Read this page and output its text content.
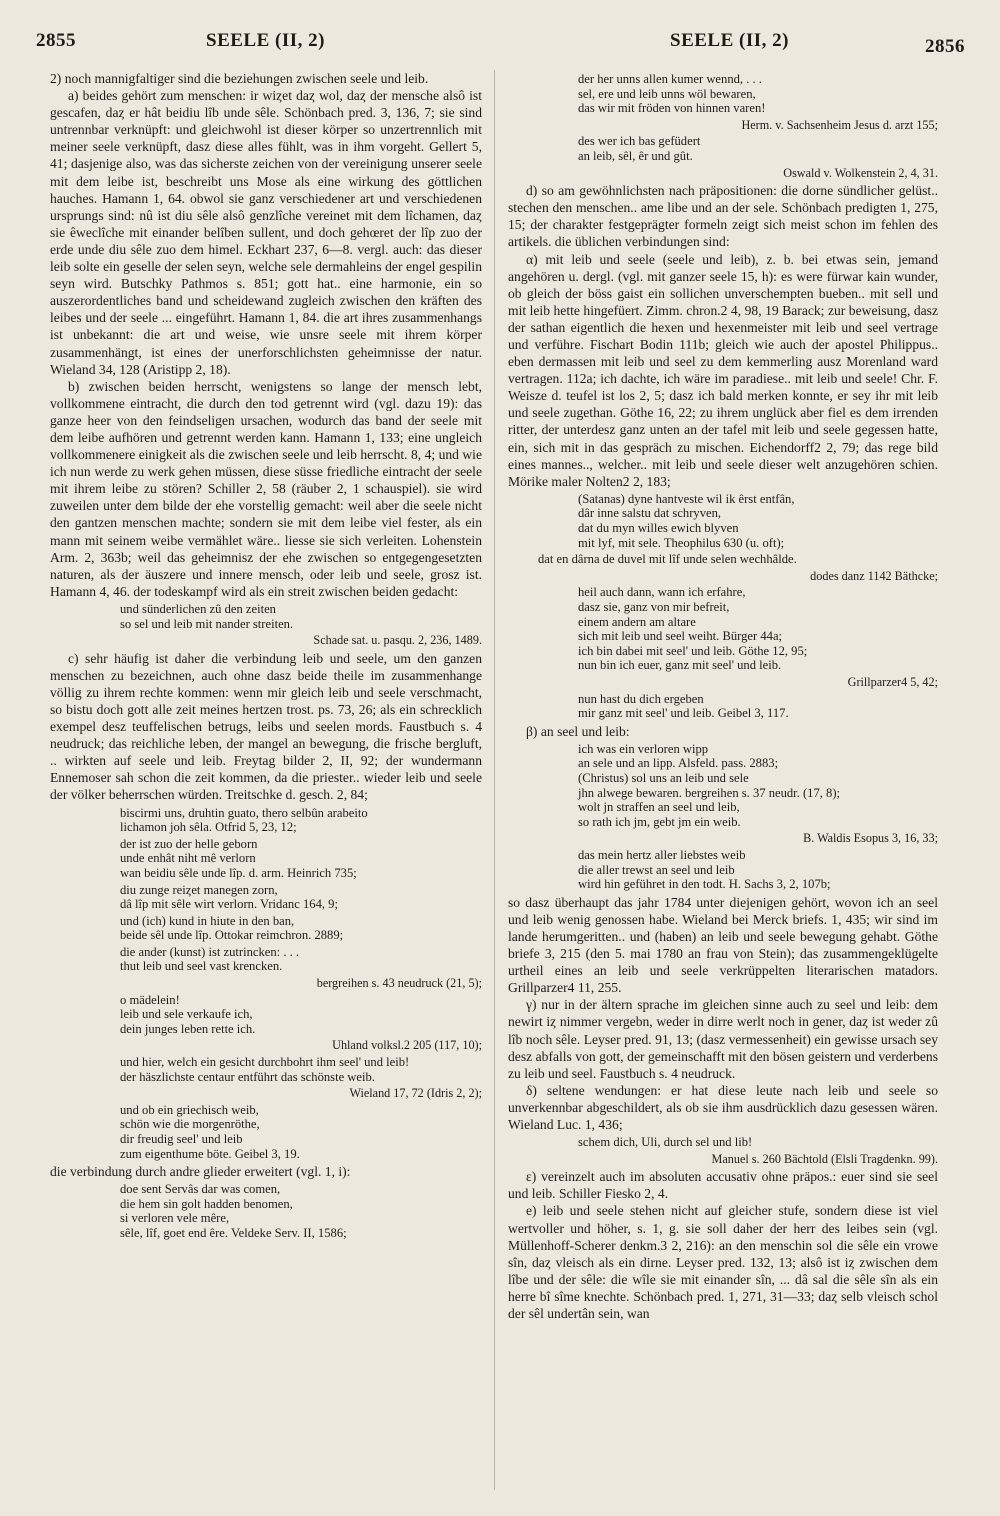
2855	SEELE (II, 2)	SEELE (II, 2)	2856

2) noch mannigfaltiger sind die beziehungen zwischen seele und leib.

a) beides gehört zum menschen: ir wiȥet daȥ wol, daȥ der mensche alsô ist gescafen, daȥ er hât beidiu lîb unde sêle. Schönbach pred. 3, 136, 7; sie sind untrennbar verknüpft: und gleichwohl ist dieser körper so unzertrennlich mit meiner seele verknüpft, dasz diese alles fühlt, was in ihm vorgeht. Gellert 5, 41; dasjenige also, was das sicherste zeichen von der vereinigung unserer seele mit dem leibe ist, beschreibt uns Mose als eine wirkung des göttlichen hauches. Hamann 1, 64. obwol sie ganz verschiedener art und verschiedenen ursprungs sind: nû ist diu sêle alsô genzlîche vereinet mit dem lîchamen, daȥ sie êweclîche mit einander belîben sullent, und doch gehœret der lîp zuo der erde unde diu sêle zuo dem himel. Eckhart 237, 6—8. vergl. auch: das dieser leib solte ein geselle der selen seyn, welche sele dermahleins der engel gespilin seyn wird. Butschky Pathmos s. 851; gott hat.. eine harmonie, ein so auszerordentliches band und scheidewand zugleich zwischen den kräften des leibes und der seele ... eingeführt. Hamann 1, 84. die art ihres zusammenhangs ist unbekannt: die art und weise, wie unsre seele mit ihrem körper zusammenhängt, ist eines der unerforschlichsten geheimnisse der natur. Wieland 34, 128 (Aristipp 2, 18).

b) zwischen beiden herrscht, wenigstens so lange der mensch lebt, vollkommene eintracht, die durch den tod getrennt wird (vgl. dazu 19): das ganze heer von den feindseligen ursachen, wodurch das band der seele mit dem leibe aufhören und getrennt werden kann. Hamann 1, 133; eine ungleich vollkommenere einigkeit als die zwischen seele und leib herrscht. 8, 4; und wie ich nun werde zu werk gehen müssen, diese süsse friedliche eintracht der seele mit ihrem leibe zu stören? Schiller 2, 58 (räuber 2, 1 schauspiel). sie wird zuweilen unter dem bilde der ehe vorstellig gemacht: weil aber die seele nicht den gantzen menschen machte; sondern sie mit dem leibe viel fester, als ein mann mit seinem weibe vermählet wäre.. liesse sie sich verleiten. Lohenstein Arm. 2, 363b; weil das geheimnisz der ehe zwischen so entgegengesetzten naturen, als der äuszere und innere mensch, oder leib und seele, grosz ist. Hamann 4, 46. der todeskampf wird als ein streit zwischen beiden gedacht:

und sünderlichen zû den zeiten
so sel und leib mit nander streiten.
Schade sat. u. pasqu. 2, 236, 1489.

c) sehr häufig ist daher die verbindung leib und seele, um den ganzen menschen zu bezeichnen, auch ohne dasz beide theile im zusammenhange völlig zu ihrem rechte kommen: wenn mir gleich leib und seele verschmacht, so bistu doch gott alle zeit meines hertzen trost. ps. 73, 26; als ein schrecklich exempel desz teuffelischen betrugs, leibs und seelen mords. Faustbuch s. 4 neudruck; das reichliche leben, der mangel an bewegung, die frische bergluft, .. wirkten auf seele und leib. Freytag bilder 2, II, 92; der wundermann Ennemoser sah schon die zeit kommen, da die priester.. wieder leib und seele der völker beherrschen würden. Treitschke d. gesch. 2, 84;

biscirmi uns, druhtin guato, thero selbûn arabeito
lichamon joh sêla. Otfrid 5, 23, 12;
der ist zuo der helle geborn
unde enhât niht mê verlorn
wan beidiu sêle unde lîp. d. arm. Heinrich 735;
diu zunge reiȥet manegen zorn,
dâ lîp mit sêle wirt verlorn. Vridanc 164, 9;
und (ich) kund in hiute in den ban,
beide sêl unde lîp. Ottokar reimchron. 2889;
die ander (kunst) ist zutrincken: . . .
thut leib und seel vast krencken.
bergreihen s. 43 neudruck (21, 5);
o mädelein!
leib und sele verkaufe ich,
dein junges leben rette ich.
Uhland volksl.2 205 (117, 10);
und hier, welch ein gesicht durchbohrt ihm seel' und leib!
der häszlichste centaur entführt das schönste weib.
Wieland 17, 72 (Idris 2, 2);
und ob ein griechisch weib,
schön wie die morgenröthe,
dir freudig seel' und leib
zum eigenthume böte. Geibel 3, 19.

die verbindung durch andre glieder erweitert (vgl. 1, i):

doe sent Servâs dar was comen,
die hem sin golt hadden benomen,
si verloren vele mêre,
sêle, lîf, goet end êre. Veldeke Serv. II, 1586;
der her unns allen kumer wennd, . . .
sel, ere und leib unns wöl bewaren,
das wir mit fröden von hinnen varen!
Herm. v. Sachsenheim Jesus d. arzt 155;
des wer ich bas gefüdert
an leib, sêl, êr und gût.
Oswald v. Wolkenstein 2, 4, 31.

d) so am gewöhnlichsten nach präpositionen: die dorne sündlicher gelüst.. stechen den menschen.. ame libe und an der sele. Schönbach predigten 1, 275, 15; der charakter festgeprägter formeln zeigt sich meist schon im fehlen des artikels. die üblichen verbindungen sind:

α) mit leib und seele (seele und leib), z. b. bei etwas sein, jemand angehören u. dergl. (vgl. mit ganzer seele 15, h): es were fürwar kain wunder, ob gleich der böss gaist ein sollichen unverschempten bueben.. mit sell und mit leib hette hingefüert. Zimm. chron.2 4, 98, 19 Barack; zur beweisung, dasz der sathan eigentlich die hexen und hexenmeister mit leib und seel vertrage und verführe. Fischart Bodin 111b; gleich wie auch der apostel Philippus.. eben dermassen mit leib und seel zu dem kemmerling ausz Morenland ward vertragen. 112a; ich dachte, ich wäre im paradiese.. mit leib und seele! Chr. F. Weisze d. teufel ist los 2, 5; dasz ich bald merken konnte, er sey ihr mit leib und seele zugethan. Göthe 16, 22; zu ihrem unglück aber fiel es dem irrenden ritter, der unterdesz ganz unten an der tafel mit leib und seele gegessen hatte, ein, sich mit in das gespräch zu mischen. Eichendorff2 2, 79; das rege bild eines mannes.., welcher.. mit leib und seele dieser welt anzugehören schien. Mörike maler Nolten2 2, 183;

(Satanas) dyne hantveste wil ik êrst entfân,
dâr inne salstu dat schryven,
dat du myn willes ewich blyven
mit lyf, mit sele. Theophilus 630 (u. oft);
dat en dârna de duvel mit lîf unde selen wechhâlde.
dodes danz 1142 Bäthcke;
heil auch dann, wann ich erfahre,
dasz sie, ganz von mir befreit,
einem andern am altare
sich mit leib und seel weiht. Bürger 44a;
ich bin dabei mit seel' und leib. Göthe 12, 95;
nun bin ich euer, ganz mit seel' und leib.
Grillparzer4 5, 42;
nun hast du dich ergeben
mir ganz mit seel' und leib. Geibel 3, 117.

β) an seel und leib:

ich was ein verloren wipp
an sele und an lipp. Alsfeld. pass. 2883;
(Christus) sol uns an leib und sele
jhn alwege bewaren. bergreihen s. 37 neudr. (17, 8);
wolt jn straffen an seel und leib,
so rath ich jm, gebt jm ein weib.
B. Waldis Esopus 3, 16, 33;
das mein hertz aller liebstes weib
die aller trewst an seel und leib
wird hin geführet in den todt. H. Sachs 3, 2, 107b;

so dasz überhaupt das jahr 1784 unter diejenigen gehört, wovon ich an seel und leib wenig genossen habe. Wieland bei Merck briefs. 1, 435; wir sind im lande herumgeritten.. und (haben) an leib und seele bewegung gehabt. Göthe briefe 3, 215 (den 5. mai 1780 an frau von Stein); das zusammengeklügelte urtheil eines an leib und seele verkrüppelten literarischen matadors. Grillparzer4 11, 255.

γ) nur in der ältern sprache im gleichen sinne auch zu seel und leib: dem newirt iȥ nimmer vergebn, weder in dirre werlt noch in gener, daȥ ist weder zû lîb noch sêle. Leyser pred. 91, 13; (dasz vermessenheit) ein gewisse ursach sey desz abfalls von gott, der gemeinschafft mit den bösen geistern und verderbens zu leib und seel. Faustbuch s. 4 neudruck.

δ) seltene wendungen: er hat diese leute nach leib und seele so unverkennbar abgeschildert, als ob sie ihm ausdrücklich dazu gesessen wären. Wieland Luc. 1, 436;

schem dich, Uli, durch sel und lib!
Manuel s. 260 Bächtold (Elsli Tragdenkn. 99).

ε) vereinzelt auch im absoluten accusativ ohne präpos.: euer sind sie seel und leib. Schiller Fiesko 2, 4.

e) leib und seele stehen nicht auf gleicher stufe, sondern diese ist viel wertvoller und höher, s. 1, g. sie soll daher der herr des leibes sein (vgl. Müllenhoff-Scherer denkm.3 2, 216): an den menschin sol die sêle ein vrowe sîn, daȥ vleisch als ein dirne. Leyser pred. 132, 13; alsô ist iȥ zwischen dem lîbe und der sêle: die wîle sie mit einander sîn, ... dâ sal die sêle sîn als ein herre bî sîme knechte. Schönbach pred. 1, 271, 31—33; daȥ selb vleisch schol der sêl undertân sein, wan
